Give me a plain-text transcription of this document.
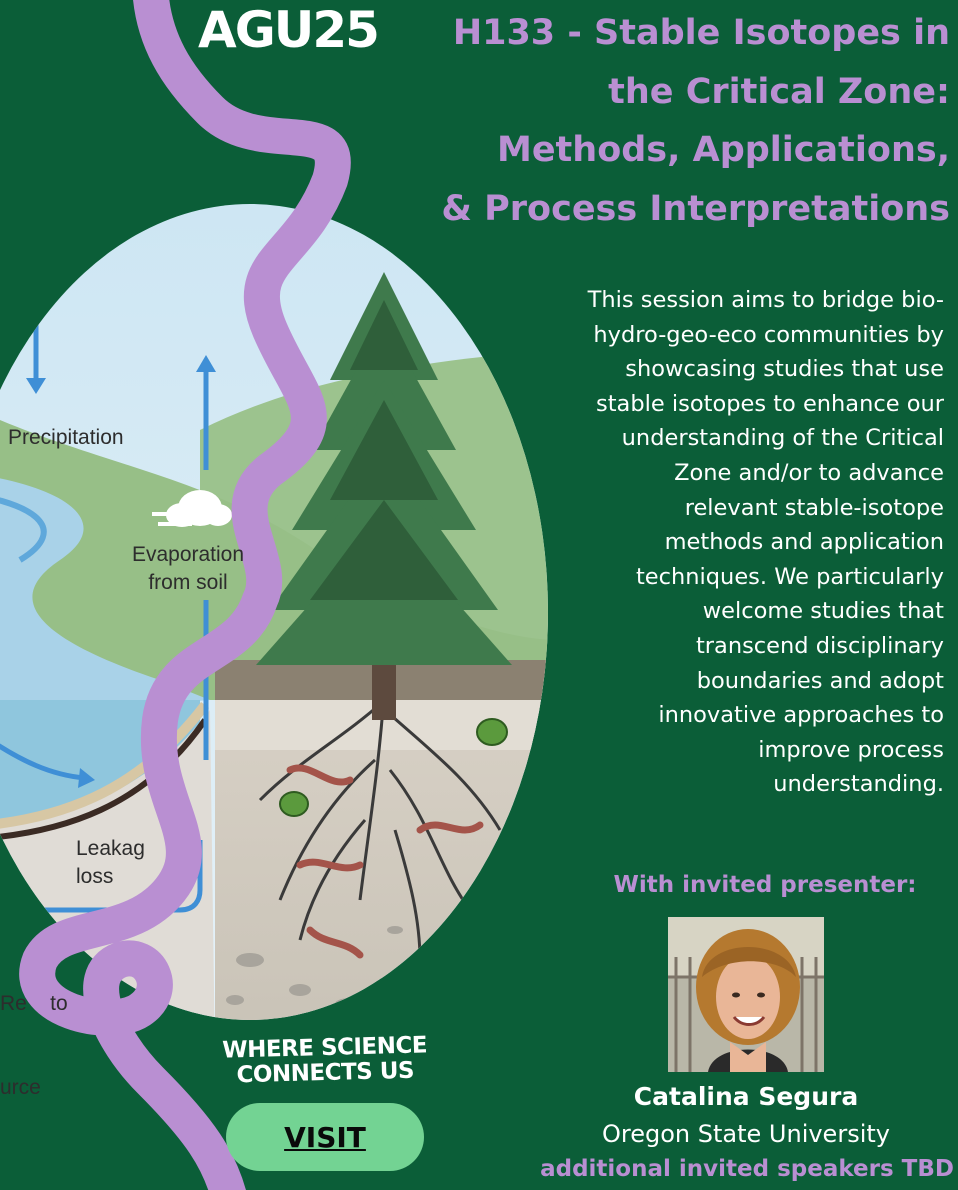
Precipitation
Evaporation
from soil
Leakag
loss

Re    to

urce

AGU25	H133 - Stable Isotopes in
the Critical Zone:
Methods, Applications,
& Process Interpretations

This session aims to bridge bio-
hydro-geo-eco communities by
showcasing studies that use
stable isotopes to enhance our
understanding of the Critical
Zone and/or to advance
relevant stable-isotope
methods and application
techniques. We particularly
welcome studies that
transcend disciplinary
boundaries and adopt
innovative approaches to
improve process
understanding.

With invited presenter:
Catalina Segura
Oregon State University
additional invited speakers TBD
WHERE SCIENCE
CONNECTS US
VISIT
